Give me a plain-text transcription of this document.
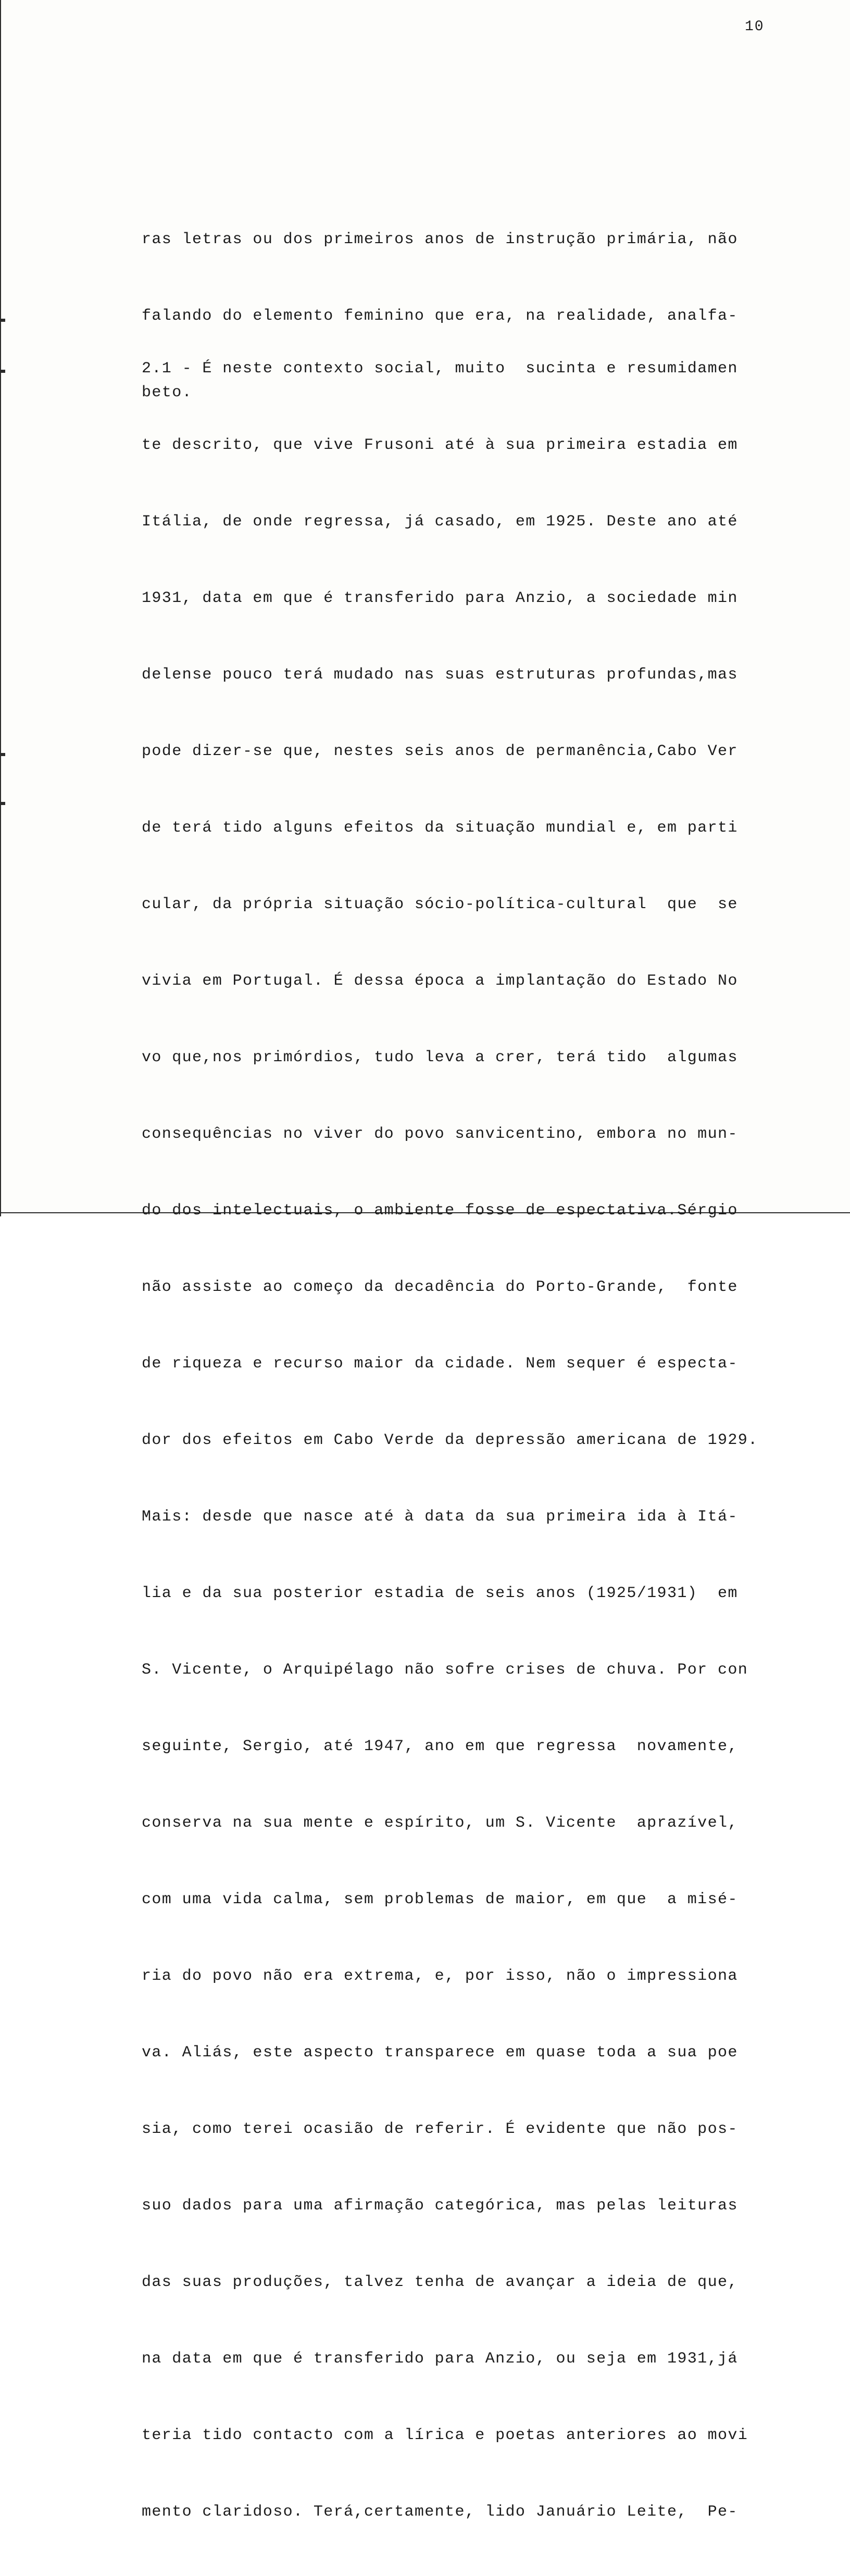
10

ras letras ou dos primeiros anos de instrução primária, não

falando do elemento feminino que era, na realidade, analfa-

beto.

2.1 - É neste contexto social, muito  sucinta e resumidamen

te descrito, que vive Frusoni até à sua primeira estadia em

Itália, de onde regressa, já casado, em 1925. Deste ano até

1931, data em que é transferido para Anzio, a sociedade min

delense pouco terá mudado nas suas estruturas profundas,mas

pode dizer-se que, nestes seis anos de permanência,Cabo Ver

de terá tido alguns efeitos da situação mundial e, em parti

cular, da própria situação sócio-política-cultural  que  se

vivia em Portugal. É dessa época a implantação do Estado No

vo que,nos primórdios, tudo leva a crer, terá tido  algumas

consequências no viver do povo sanvicentino, embora no mun-

do dos intelectuais, o ambiente fosse de espectativa.Sérgio

não assiste ao começo da decadência do Porto-Grande,  fonte

de riqueza e recurso maior da cidade. Nem sequer é especta-

dor dos efeitos em Cabo Verde da depressão americana de 1929.

Mais: desde que nasce até à data da sua primeira ida à Itá-

lia e da sua posterior estadia de seis anos (1925/1931)  em

S. Vicente, o Arquipélago não sofre crises de chuva. Por con

seguinte, Sergio, até 1947, ano em que regressa  novamente,

conserva na sua mente e espírito, um S. Vicente  aprazível,

com uma vida calma, sem problemas de maior, em que  a misé-

ria do povo não era extrema, e, por isso, não o impressiona

va. Aliás, este aspecto transparece em quase toda a sua poe

sia, como terei ocasião de referir. É evidente que não pos-

suo dados para uma afirmação categórica, mas pelas leituras

das suas produções, talvez tenha de avançar a ideia de que,

na data em que é transferido para Anzio, ou seja em 1931,já

teria tido contacto com a lírica e poetas anteriores ao movi

mento claridoso. Terá,certamente, lido Januário Leite,  Pe-
